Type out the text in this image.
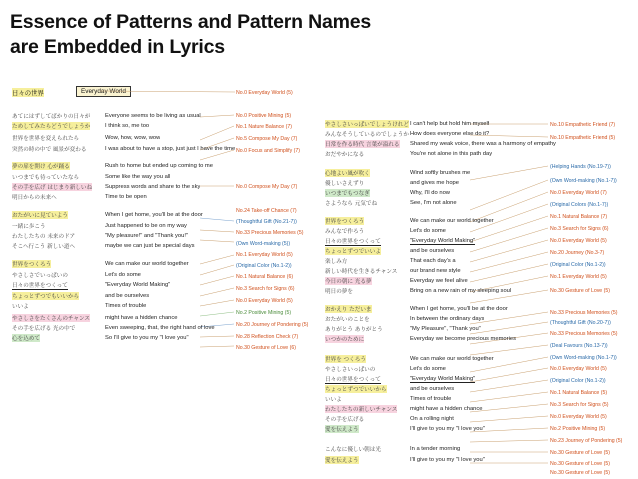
Essence of Patterns and Pattern Names
are Embedded in Lyrics
日々の世界	Everyday World	No.0 Everyday World (5)
あてにはずしてばかりの日々が
ためしてみたらどうでしょうか
世界を世界を変えられたら
突然の時の中で 風景が変わる
夢の扉を開け 心が踊る
いつまでも待っていたなら
その手を広げ はじまり新しいね
明日からの未来へ
おたがいに見ていよう
一緒に歩こう
わたしたちの 未来のドア
そこへ行こう 新しい道へ
世界をつくろう
やさしさでいっぱいの
日々の世界をつくって
ちょっとずつでもいいから
いいよ
やさしさをたくさんのチャンス
その手を広げる 光の中で
心を込めて
Everyone seems to be living as usual
I think so, me too
Wow, how, wow, wow
I was about to have a stop, just just I have the time
Rush to home but ended up coming to me
Some like the way you all
Suppress words and share to the sky
Time to be open
When I get home, you'll be at the door
Just happened to be on my way
"My pleasure!" and "Thank you!"
maybe we can just be special days
We can make our world together
Let's do some
"Everyday World Making"
and be ourselves
Times of trouble
might have a hidden chance
Even sweeping, that, the right hand of love
So I'll give to you my "I love you"
No.0 Positive Mining (5)
No.1 Nature Balance (7)
No.5 Compose My Day (7)
No.0 Focus and Simplify (7)
No.0 Compose My Day (7)
No.24 Take-off Chance (7)
(Thoughtful Gift (No.21-7))
No.33 Precious Memories (5)
(Own Word-making (5))
No.1 Everyday World (5)
(Original Color (No.1-2))
No.1 Natural Balance (6)
No.3 Search for Signs (6)
No.0 Everyday World (5)
No.2 Positive Mining (5)
No.20 Journey of Pondering (5)
No.28 Reflection Check (7)
No.30 Gesture of Love (6)
やさしさいっぱいでしょうけれど
みんなそうしているのでしょうか
日常を作る時代 言葉が溢れる
おだやかになる
心地よい風が吹く
優しいさえずり
いつまでもつなぎ
さようなら 元気でね
世界をつくろう
みんなで作ろう
日々の世界をつくって
ちょっとずつでいいよ
楽しみ方
新しい時代を生きるチャンス
今日の朝に 光る夢
明日の夢を
おかえり ただいま
おたがいのことを
ありがとう ありがとう
いつかのために
世界を つくろう
やさしさいっぱいの
日々の世界をつくって
ちょっとずつでいいから
いいよ
わたしたちの新しいチャンス
その手を広げる
愛を伝えよう
こんなに優しい朝は光
愛を伝えよう
I can't help but hold him myself
How does everyone else do it?
Shared my weak voice, there was a harmony of empathy
You're not alone in this path day
Wind softly brushes me
and gives me hope
Why, I'll do now
See, I'm not alone
We can make our world together
Let's do some
"Everyday World Making"
and be ourselves
That each day's a
our brand new style
Everyday we feel alive
Bring on a new rain of my sleeping soul
When I get home, you'll be at the door
In between the ordinary days
"My Pleasure", "Thank you"
Everyday we become precious memories
We can make our world together
Let's do some
"Everyday World Making"
and be ourselves
Times of trouble
might have a hidden chance
On a rolling night
I'll give to you my "I love you"
In a tender morning
I'll give to you my "I love you"
No.10 Empathetic Friend (7)
No.10 Empathetic Friend (5)
(Helping Hands (No.19-7))
(Own Word-making (No.1-7))
No.0 Everyday World (7)
(Original Colors (No.1-7))
No.1 Natural Balance (7)
No.3 Search for Signs (6)
No.0 Everyday World (5)
No.20 Journey (No.3-7)
(Original Color (No.1-2))
No.1 Everyday World (5)
No.30 Gesture of Love (5)
No.33 Precious Memories (5)
(Thoughtful Gift (No.20-7))
No.33 Precious Memories (5)
(Deal Favours (No.13-7))
(Own Word-making (No.1-7))
No.0 Everyday World (5)
(Original Color (No.1-2))
No.1 Natural Balance (5)
No.3 Search for Signs (5)
No.0 Everyday World (5)
No.2 Positive Mining (5)
No.23 Journey of Pondering (5)
No.30 Gesture of Love (5)
No.30 Gesture of Love (5)
No.30 Gesture of Love (5)
